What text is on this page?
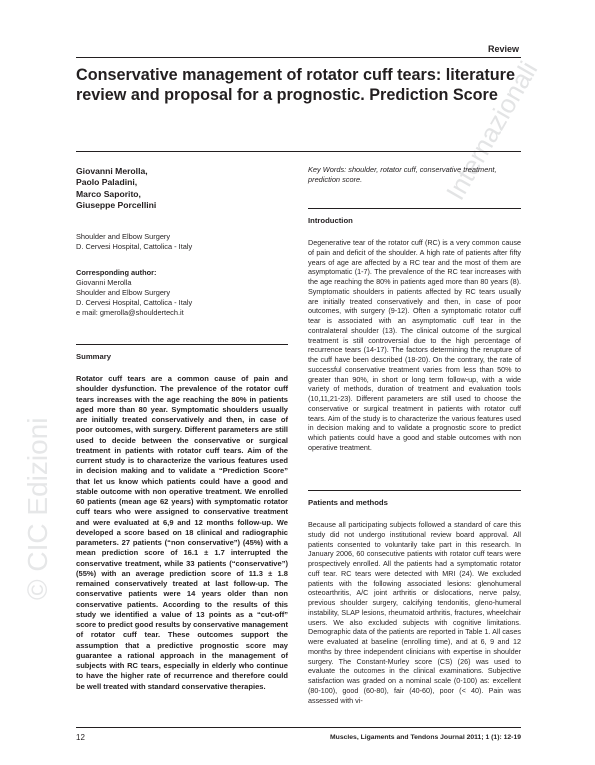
Internazionali
© CIC Edizioni
Review
Conservative management of rotator cuff tears: literature review and proposal for a prognostic. Prediction Score
Giovanni Merolla,
Paolo Paladini,
Marco Saporito,
Giuseppe Porcellini
Shoulder and Elbow Surgery
D. Cervesi Hospital, Cattolica - Italy
Corresponding author:
Giovanni Merolla
Shoulder and Elbow Surgery
D. Cervesi Hospital, Cattolica - Italy
e mail: gmerolla@shouldertech.it
Summary
Rotator cuff tears are a common cause of pain and shoulder dysfunction. The prevalence of the rotator cuff tears increases with the age reaching the 80% in patients aged more than 80 year. Symptomatic shoulders usually are initially treated conservatively and then, in case of poor outcomes, with surgery. Different parameters are still used to decide between the conservative or surgical treatment in patients with rotator cuff tears. Aim of the current study is to characterize the various features used in decision making and to validate a “Prediction Score” that let us know which patients could have a good and stable outcome with non operative treatment. We enrolled 60 patients (mean age 62 years) with symptomatic rotator cuff tears who were assigned to conservative treatment and were evaluated at 6,9 and 12 months follow-up. We developed a score based on 18 clinical and radiographic parameters. 27 patients (“non conservative”) (45%) with a mean prediction score of 16.1 ± 1.7 interrupted the conservative treatment, while 33 patients (“conservative”) (55%) with an average prediction score of 11.3 ± 1.8 remained conservatively treated at last follow-up. The conservative patients were 14 years older than non conservative patients. According to the results of this study we identified a value of 13 points as a “cut-off” score to predict good results by conservative management of rotator cuff tear. These outcomes support the assumption that a predictive prognostic score may guarantee a rational approach in the management of subjects with RC tears, especially in elderly who continue to have the higher rate of recurrence and therefore could be well treated with standard conservative therapies.
Key Words: shoulder, rotator cuff, conservative treatment, prediction score.
Introduction
Degenerative tear of the rotator cuff (RC) is a very common cause of pain and deficit of the shoulder. A high rate of patients after fifty years of age are affected by a RC tear and the most of them are asymptomatic (1-7). The prevalence of the RC tear increases with the age reaching the 80% in patients aged more than 80 years (8). Symptomatic shoulders in patients affected by RC tears usually are initially treated conservatively and then, in case of poor outcomes, with surgery (9-12). Often a symptomatic rotator cuff tear is associated with an asymptomatic cuff tear in the contralateral shoulder (13). The clinical outcome of the surgical treatment is still controversial due to the high percentage of recurrence tears (14-17). The factors determining the rerupture of the cuff have been described (18-20). On the contrary, the rate of successful conservative treatment varies from less than 50% to greater than 90%, in short or long term follow-up, with a wide variety of methods, duration of treatment and evaluation tools (10,11,21-23). Different parameters are still used to choose the conservative or surgical treatment in patients with rotator cuff tears. Aim of the study is to characterize the various features used in decision making and to validate a prognostic score to predict which patients could have a good and stable outcomes with non operative treatment.
Patients and methods
Because all participating subjects followed a standard of care this study did not undergo institutional review board approval. All patients consented to voluntarily take part in this research. In January 2006, 60 consecutive patients with rotator cuff tears were prospectively enrolled. All the patients had a symptomatic rotator cuff tear. RC tears were detected with MRI (24). We excluded patients with the following associated lesions: glenohumeral osteoarthritis, A/C joint arthritis or dislocations, nerve palsy, previous shoulder surgery, calcifying tendonitis, gleno-humeral instability, SLAP lesions, rheumatoid arthritis, fractures, wheelchair users. We also excluded subjects with cognitive limitations. Demographic data of the patients are reported in Table 1. All cases were evaluated at baseline (enrolling time), and at 6, 9 and 12 months by three independent clinicians with expertise in shoulder surgery. The Constant-Murley score (CS) (26) was used to evaluate the outcomes in the clinical examinations. Subjective satisfaction was graded on a nominal scale (0-100) as: excellent (80-100), good (60-80), fair (40-60), poor (< 40). Pain was assessed with vi-
12	Muscles, Ligaments and Tendons Journal 2011; 1 (1): 12-19
